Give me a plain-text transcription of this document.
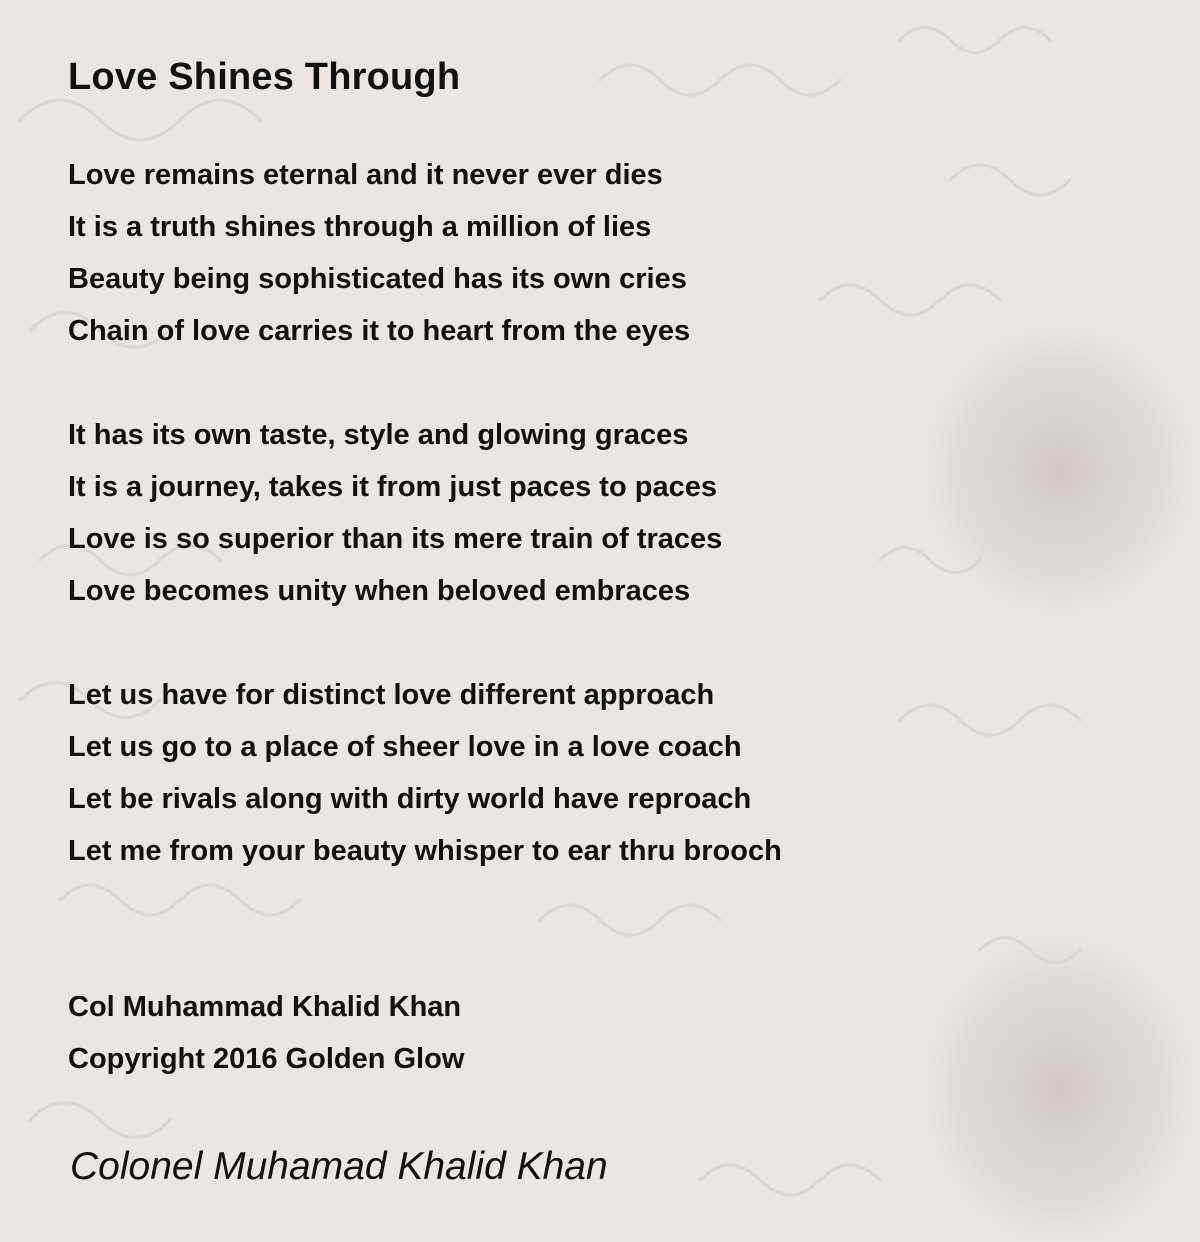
Love Shines Through
Love remains eternal and it never ever dies
It is a truth shines through a million of lies
Beauty being sophisticated has its own cries
Chain of love carries it to heart from the eyes
It has its own taste, style and glowing graces
It is a journey, takes it from just paces to paces
Love is so superior than its mere train of traces
Love becomes unity when beloved embraces
Let us have for distinct love different approach
Let us go to a place of sheer love in a love coach
Let be rivals along with dirty world have reproach
Let me from your beauty whisper to ear thru brooch
Col Muhammad Khalid Khan
Copyright 2016 Golden Glow

Colonel Muhamad Khalid Khan
